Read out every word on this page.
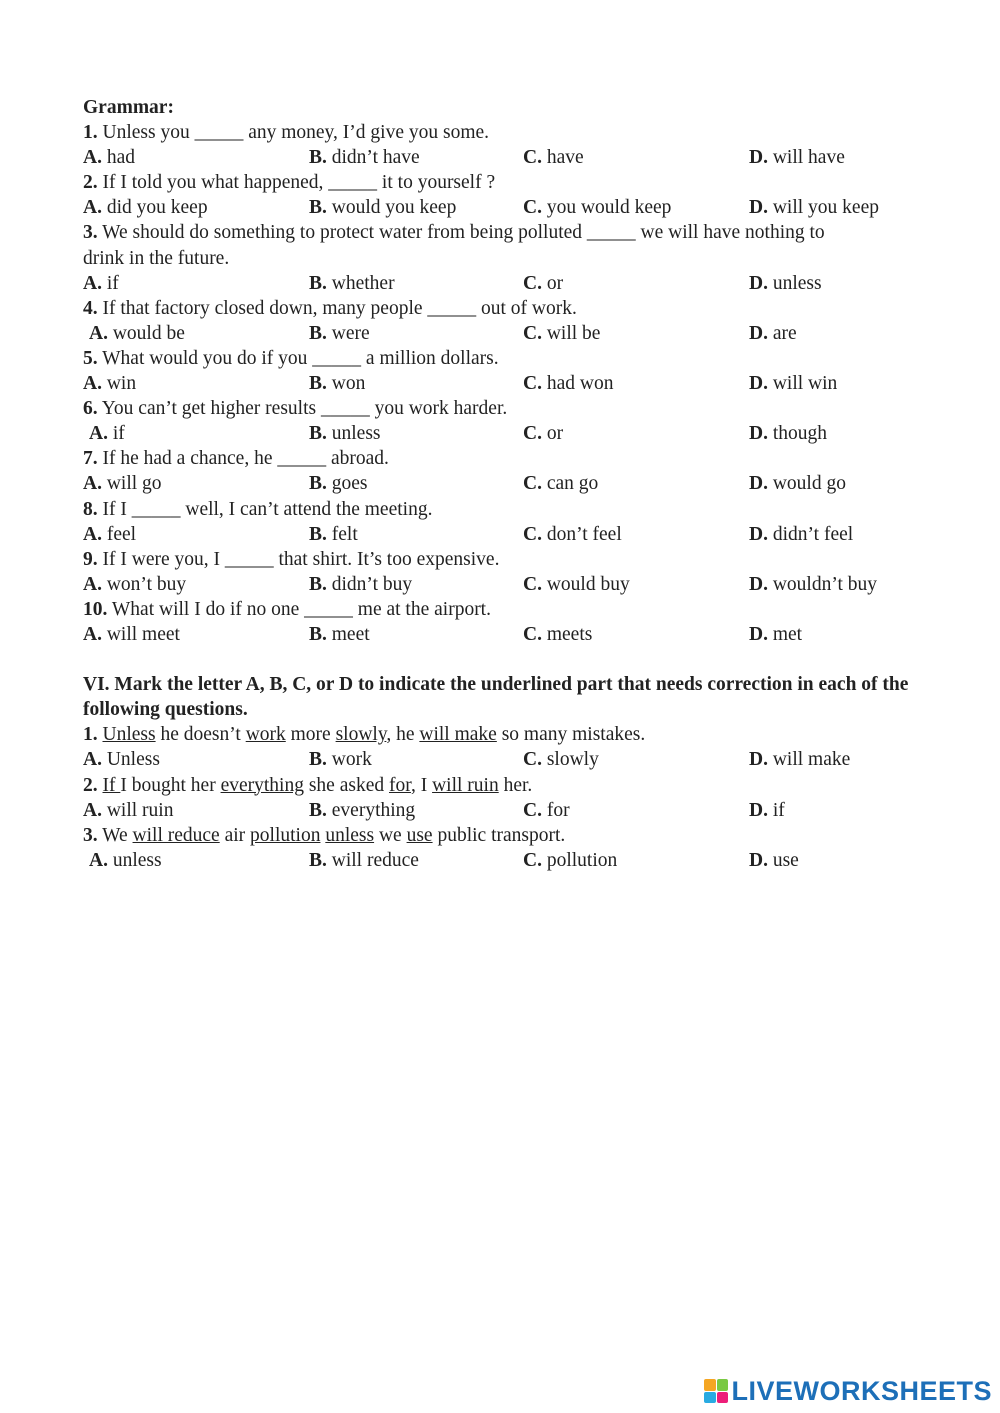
Grammar:
1. Unless you _____ any money, I’d give you some.
A. had	B. didn’t have	C. have	D. will have
2. If I told you what happened, _____ it to yourself ?
A. did you keep	B. would you keep	C. you would keep	D. will you keep
3. We should do something to protect water from being polluted _____ we will have nothing to
drink in the future.
A. if	B. whether	C. or	D. unless
4. If that factory closed down, many people _____ out of work.
A. would be	B. were	C. will be	D. are
5. What would you do if you _____ a million dollars.
A. win	B. won	C. had won	D. will win
6. You can’t get higher results _____ you work harder.
A. if	B. unless	C. or	D. though
7. If he had a chance, he _____ abroad.
A. will go	B. goes	C. can go	D. would go
8. If I _____ well, I can’t attend the meeting.
A. feel	B. felt	C. don’t feel	D. didn’t feel
9. If I were you, I _____ that shirt. It’s too expensive.
A. won’t buy	B. didn’t buy	C. would buy	D. wouldn’t buy
10. What will I do if no one _____ me at the airport.
A. will meet	B. meet	C. meets	D. met
VI. Mark the letter A, B, C, or D to indicate the underlined part that needs correction in each of the following questions.
1. Unless he doesn’t work more slowly, he will make so many mistakes.
A. Unless	B. work	C. slowly	D. will make
2. If I bought her everything she asked for, I will ruin her.
A. will ruin	B. everything	C. for	D. if
3. We will reduce air pollution unless we use public transport.
A. unless	B. will reduce	C. pollution	D. use
LIVEWORKSHEETS
